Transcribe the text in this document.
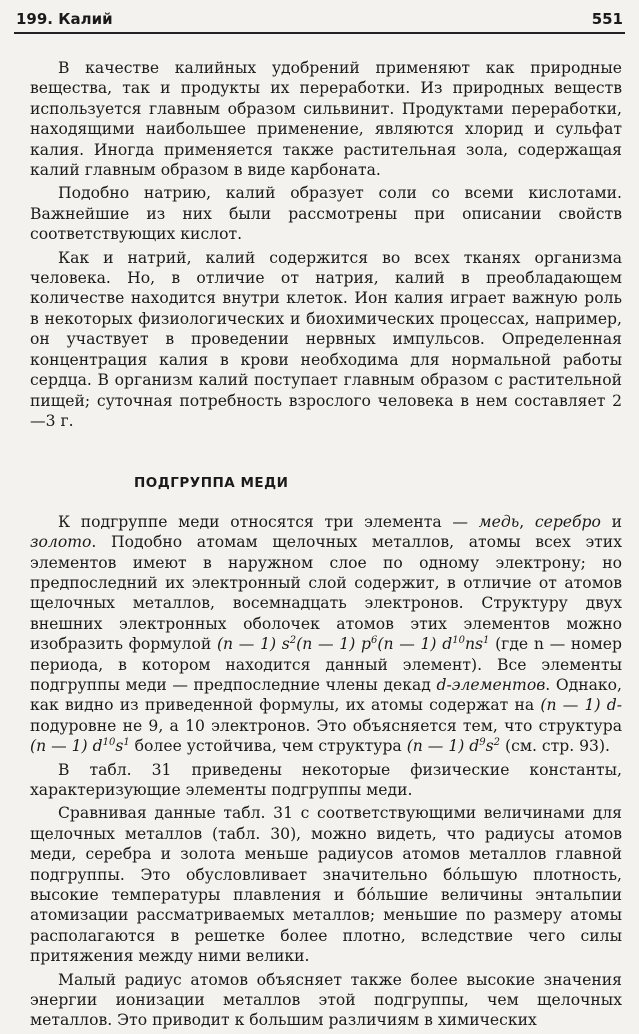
199. Калий	551

В качестве калийных удобрений применяют как природные вещества, так и продукты их переработки. Из природных веществ используется главным образом сильвинит. Продуктами переработки, находящими наибольшее применение, являются хлорид и сульфат калия. Иногда применяется также растительная зола, содержащая калий главным образом в виде карбоната.

Подобно натрию, калий образует соли со всеми кислотами. Важнейшие из них были рассмотрены при описании свойств соответствующих кислот.

Как и натрий, калий содержится во всех тканях организма человека. Но, в отличие от натрия, калий в преобладающем количестве находится внутри клеток. Ион калия играет важную роль в некоторых физиологических и биохимических процессах, например, он участвует в проведении нервных импульсов. Определенная концентрация калия в крови необходима для нормальной работы сердца. В организм калий поступает главным образом с растительной пищей; суточная потребность взрослого человека в нем составляет 2—3 г.

ПОДГРУППА МЕДИ

К подгруппе меди относятся три элемента — медь, серебро и золото. Подобно атомам щелочных металлов, атомы всех этих элементов имеют в наружном слое по одному электрону; но предпоследний их электронный слой содержит, в отличие от атомов щелочных металлов, восемнадцать электронов. Структуру двух внешних электронных оболочек атомов этих элементов можно изобразить формулой (n — 1) $s^2(n$ — 1) $p^6(n$ — 1) $d^{10}ns^1$ (где n — номер периода, в котором находится данный элемент). Все элементы подгруппы меди — предпоследние члены декад d-элементов. Однако, как видно из приведенной формулы, их атомы содержат на (n — 1) d-подуровне не 9, а 10 электронов. Это объясняется тем, что структура (n — 1) $d^{10}s^1$ более устойчива, чем структура (n — 1) $d^9s^2$ (см. стр. 93).

В табл. 31 приведены некоторые физические константы, характеризующие элементы подгруппы меди.

Сравнивая данные табл. 31 с соответствующими величинами для щелочных металлов (табл. 30), можно видеть, что радиусы атомов меди, серебра и золота меньше радиусов атомов металлов главной подгруппы. Это обусловливает значительно бо́льшую плотность, высокие температуры плавления и бо́льшие величины энтальпии атомизации рассматриваемых металлов; меньшие по размеру атомы располагаются в решетке более плотно, вследствие чего силы притяжения между ними велики.

Малый радиус атомов объясняет также более высокие значения энергии ионизации металлов этой подгруппы, чем щелочных металлов. Это приводит к большим различиям в химических
